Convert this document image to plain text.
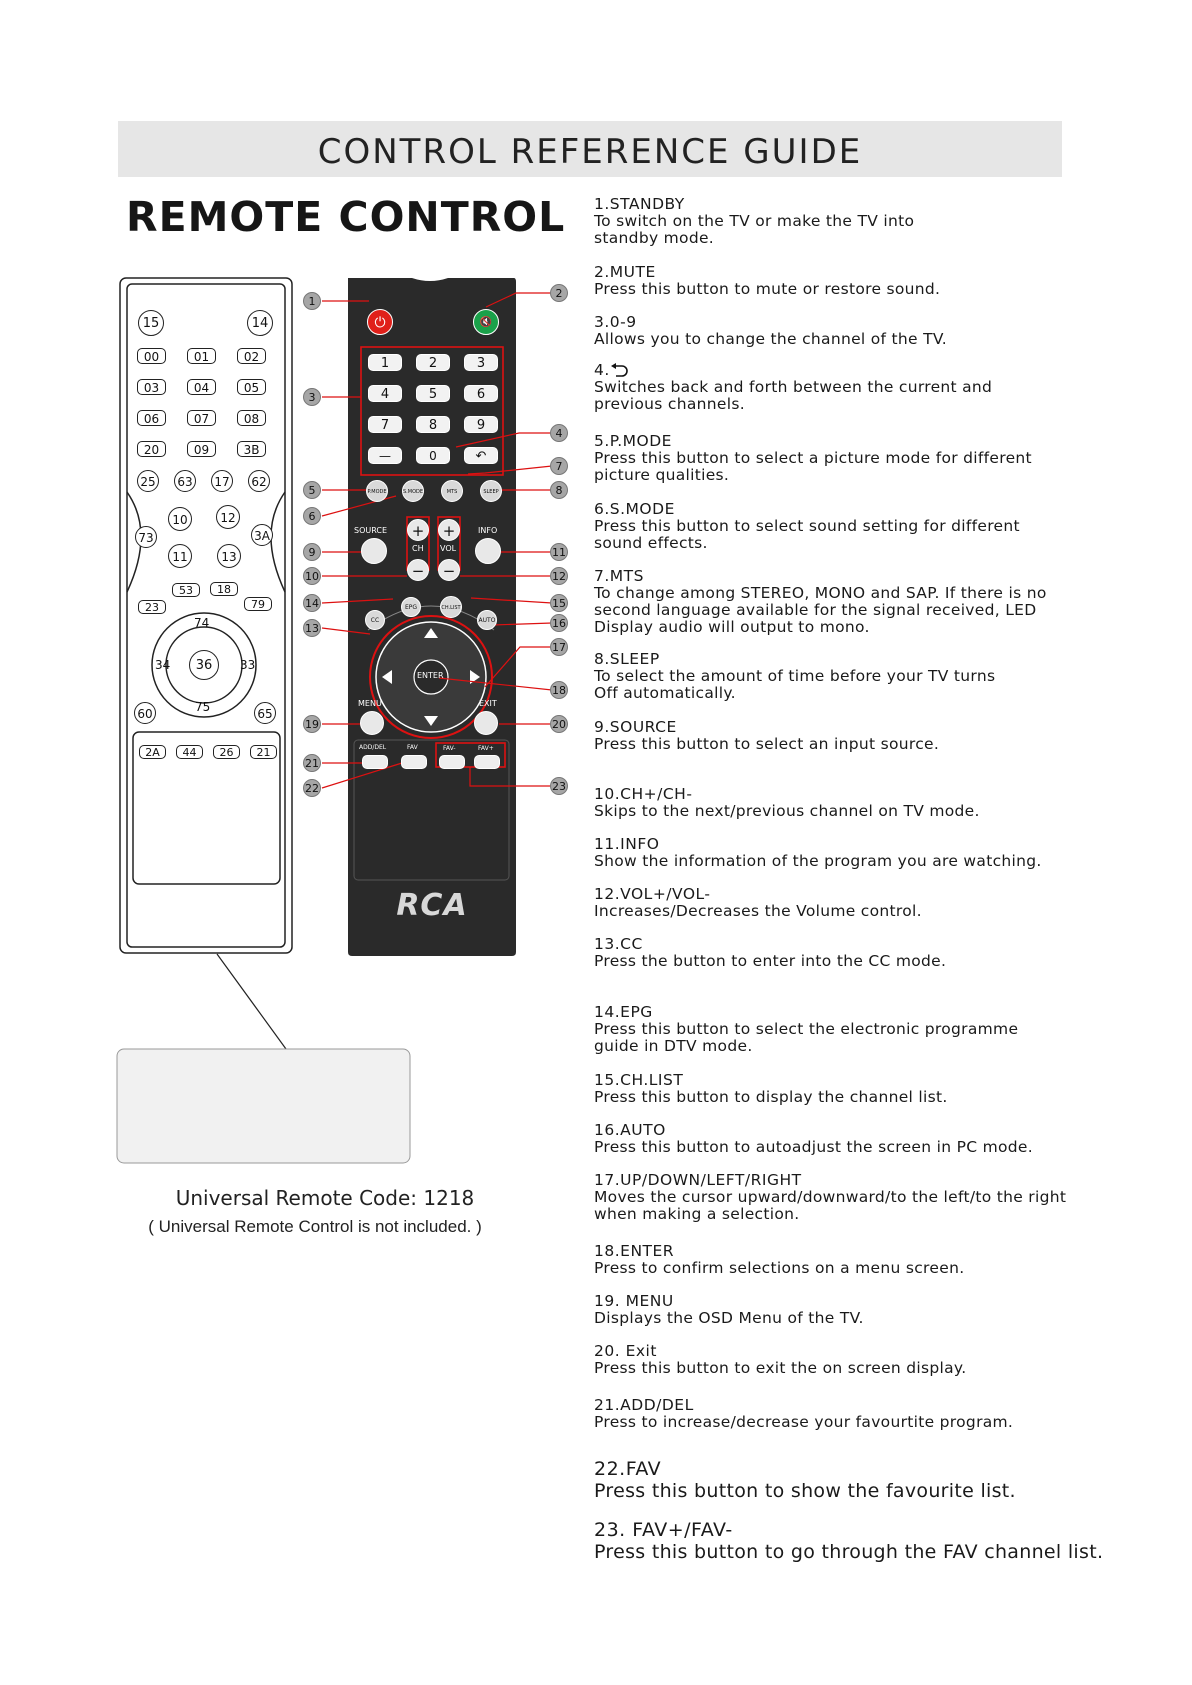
CONTROL REFERENCE GUIDE
REMOTE CONTROL
15	14
00	01	02
03	04	05
06	07	08
20	09	3B
25 63 17 62
73	3A
10	12
11	13
23
53	18
79
74
34	36	33
75
60	65
2A	44	26	21
⏻	🔇
1	2	3
4	5	6
7	8	9
—	0	↶
P.MODE	S.MODE	MTS	SLEEP
SOURCE	INFO
+
CH
−
+
VOL
−
CC
EPG	CH.LIST
AUTO
ENTER
MENU	EXIT
ADD/DEL	FAV	FAV-	FAV+
RCA
1
2
3
4
5
6
7
8
9
10
11
12
13
14	15
16
17
18
19	20
21
22	23
Universal Remote Code: 1218
( Universal Remote Control is not included. )
1.STANDBY
To switch on the TV or make the TV into
standby mode.
2.MUTE
Press this button to mute or restore sound.
3.0-9
Allows you to change the channel of the TV.
4.
Switches back and forth between the current and
previous channels.
5.P.MODE
Press this button to select a picture mode for different
picture qualities.
6.S.MODE
Press this button to select sound setting for different
sound effects.
7.MTS
To change among STEREO, MONO and SAP. If there is no
second language available for the signal received, LED
Display audio will output to mono.
8.SLEEP
To select the amount of time before your TV turns
Off automatically.
9.SOURCE
Press this button to select an input source.
10.CH+/CH-
Skips to the next/previous channel on TV mode.
11.INFO
Show the information of the program you are watching.
12.VOL+/VOL-
Increases/Decreases the Volume control.
13.CC
Press the button to enter into the CC mode.
14.EPG
Press this button to select the electronic programme
guide in DTV mode.
15.CH.LIST
Press this button to display the channel list.
16.AUTO
Press this button to autoadjust the screen in PC mode.
17.UP/DOWN/LEFT/RIGHT
Moves the cursor upward/downward/to the left/to the right
when making a selection.
18.ENTER
Press to confirm selections on a menu screen.
19. MENU
Displays the OSD Menu of the TV.
20. Exit
Press this button to exit the on screen display.
21.ADD/DEL
Press to increase/decrease your favourtite program.
22.FAV
Press this button to show the favourite list.
23. FAV+/FAV-
Press this button to go through the FAV channel list.
